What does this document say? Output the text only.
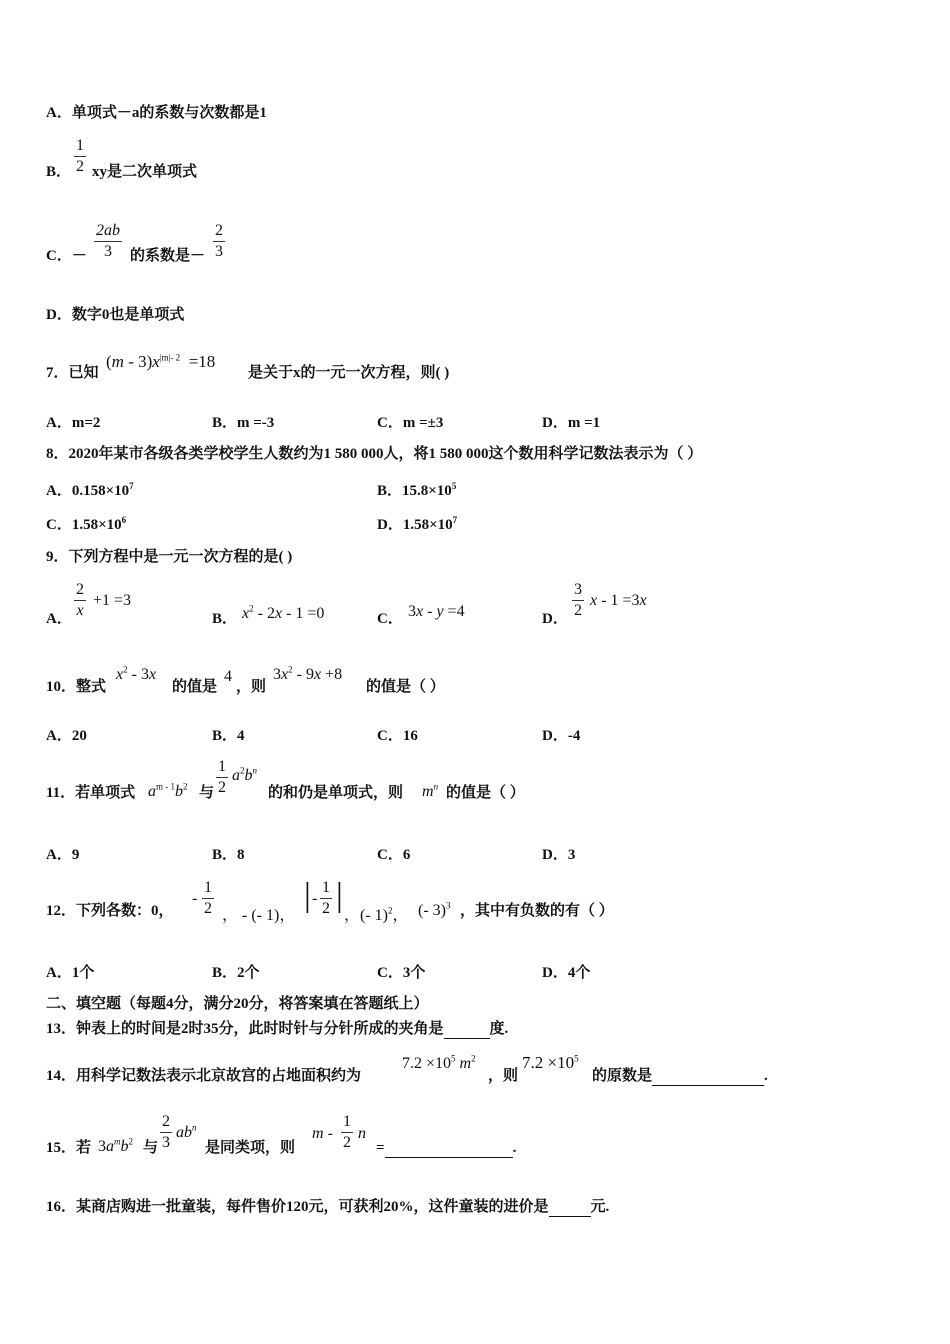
A．单项式－a的系数与次数都是1
$\frac{1}{2}$
B． xy是二次单项式
C．－ $\frac{2ab}{3}$ 的系数是－ $\frac{2}{3}$
D．数字0也是单项式
7．已知
$(m - 3)x^{|m|- 2} =18$
是关于x的一元一次方程，则( )
A．m=2	B．m =-3	C．m =±3	D．m =1
8．2020年某市各级各类学校学生人数约为1 580 000人，将1 580 000这个数用科学记数法表示为（ ）
A．$0.158\times 10^7$	B．$15.8\times 10^5$
C．$1.58\times 10^6$	D．$1.58\times 10^7$
9．下列方程中是一元一次方程的是( )
A． $\frac{2}{x} +1 =3$
B． $x^2 - 2x - 1 =0$	C． 3x - y =4	D． $\frac{3}{2}$ x - 1 =3x
10．整式
$x^2 - 3x$
的值是
4
，则
$3x^2 - 9x +8$
的值是（ ）
A．20	B．4	C．16	D．-4
11．若单项式 $a^{m - 1}b^2$ 与 $\frac{1}{2} a^2b^n$
的和仍是单项式，则 $m^n$ 的值是（ ）
A．9	B．8	C．6	D．3
12．下列各数：0，
- $\frac{1}{2}$ ， - (- 1)，
| - $\frac{1}{2}$ |
，(- 1)$^2$， (- 3)$^3$ ，其中有负数的有（ ）
A．1个	B．2个	C．3个	D．4个
二、填空题（每题4分，满分20分，将答案填在答题纸上）
13．钟表上的时间是2时35分，此时时针与分针所成的夹角是	度.
14．用科学记数法表示北京故宫的占地面积约为
$7.2 \times 10^5$ $m^2$
，则
$7.2 \times 10^5$
的原数是	.
15．若 $3a^mb^2$ 与 $\frac{2}{3} ab^n$
是同类项，则
m - $\frac{1}{2}$ n
=	.
16．某商店购进一批童装，每件售价120元，可获利20%，这件童装的进价是	元.
